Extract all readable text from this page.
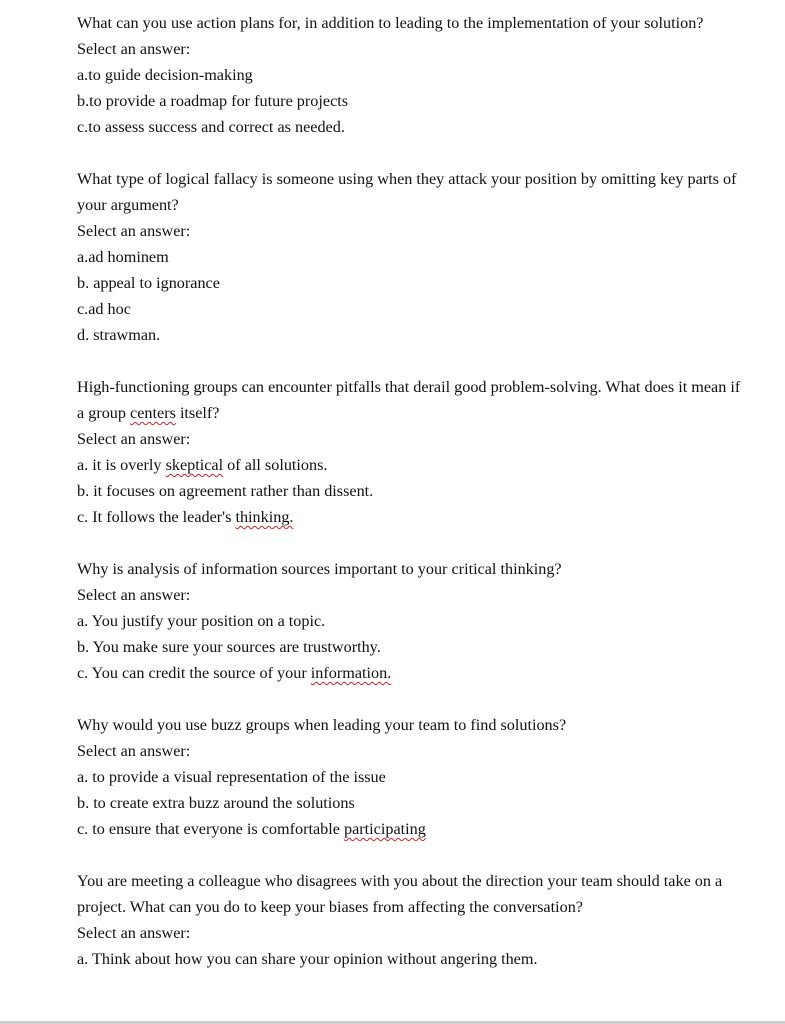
What can you use action plans for, in addition to leading to the implementation of your solution?
Select an answer:
a.to guide decision-making
b.to provide a roadmap for future projects
c.to assess success and correct as needed.
What type of logical fallacy is someone using when they attack your position by omitting key parts of your argument?
Select an answer:
a.ad hominem
b. appeal to ignorance
c.ad hoc
d. strawman.
High-functioning groups can encounter pitfalls that derail good problem-solving. What does it mean if a group centers itself?
Select an answer:
a. it is overly skeptical of all solutions.
b. it focuses on agreement rather than dissent.
c. It follows the leader's thinking.
Why is analysis of information sources important to your critical thinking?
Select an answer:
a. You justify your position on a topic.
b. You make sure your sources are trustworthy.
c. You can credit the source of your information.
Why would you use buzz groups when leading your team to find solutions?
Select an answer:
a. to provide a visual representation of the issue
b. to create extra buzz around the solutions
c. to ensure that everyone is comfortable participating
You are meeting a colleague who disagrees with you about the direction your team should take on a project. What can you do to keep your biases from affecting the conversation?
Select an answer:
a. Think about how you can share your opinion without angering them.
